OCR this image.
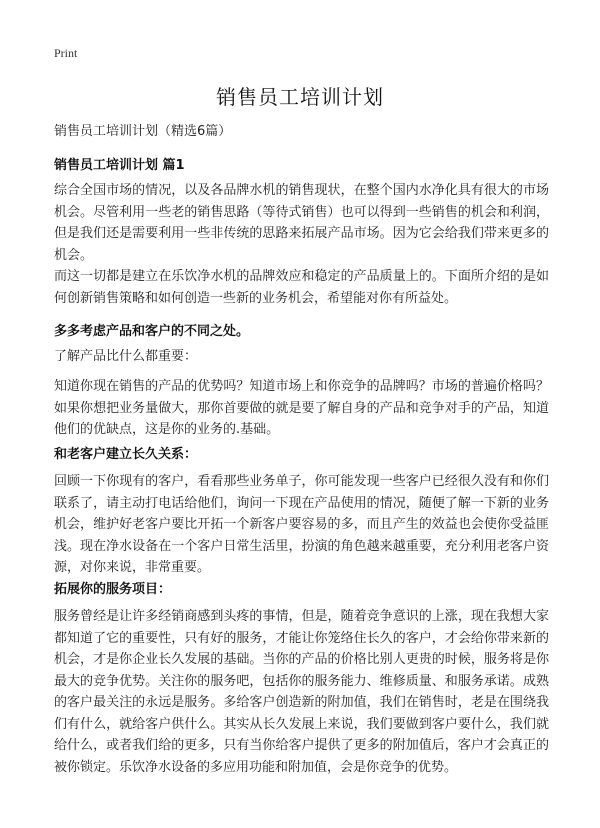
Print
销售员工培训计划
销售员工培训计划（精选6篇）
销售员工培训计划 篇1

综合全国市场的情况，以及各品牌水机的销售现状，在整个国内水净化具有很大的市场机会。尽管利用一些老的销售思路（等待式销售）也可以得到一些销售的机会和利润，但是我们还是需要利用一些非传统的思路来拓展产品市场。因为它会给我们带来更多的机会。

而这一切都是建立在乐饮净水机的品牌效应和稳定的产品质量上的。下面所介绍的是如何创新销售策略和如何创造一些新的业务机会，希望能对你有所益处。

多多考虑产品和客户的不同之处。

了解产品比什么都重要：

知道你现在销售的产品的优势吗？知道市场上和你竞争的品牌吗？市场的普遍价格吗？如果你想把业务量做大，那你首要做的就是要了解自身的产品和竞争对手的产品，知道他们的优缺点，这是你的业务的.基础。

和老客户建立长久关系：

回顾一下你现有的客户，看看那些业务单子，你可能发现一些客户已经很久没有和你们联系了，请主动打电话给他们，询问一下现在产品使用的情况，随便了解一下新的业务机会，维护好老客户要比开拓一个新客户要容易的多，而且产生的效益也会使你受益匪浅。现在净水设备在一个客户日常生活里，扮演的角色越来越重要，充分利用老客户资源，对你来说，非常重要。

拓展你的服务项目：

服务曾经是让许多经销商感到头疼的事情，但是，随着竞争意识的上涨，现在我想大家都知道了它的重要性，只有好的服务，才能让你笼络住长久的客户，才会给你带来新的机会，才是你企业长久发展的基础。当你的产品的价格比别人更贵的时候，服务将是你最大的竞争优势。关注你的服务吧，包括你的服务能力、维修质量、和服务承诺。成熟的客户最关注的永远是服务。多给客户创造新的附加值，我们在销售时，老是在围绕我们有什么，就给客户供什么。其实从长久发展上来说，我们要做到客户要什么，我们就给什么，或者我们给的更多，只有当你给客户提供了更多的附加值后，客户才会真正的被你锁定。乐饮净水设备的多应用功能和附加值，会是你竞争的优势。
